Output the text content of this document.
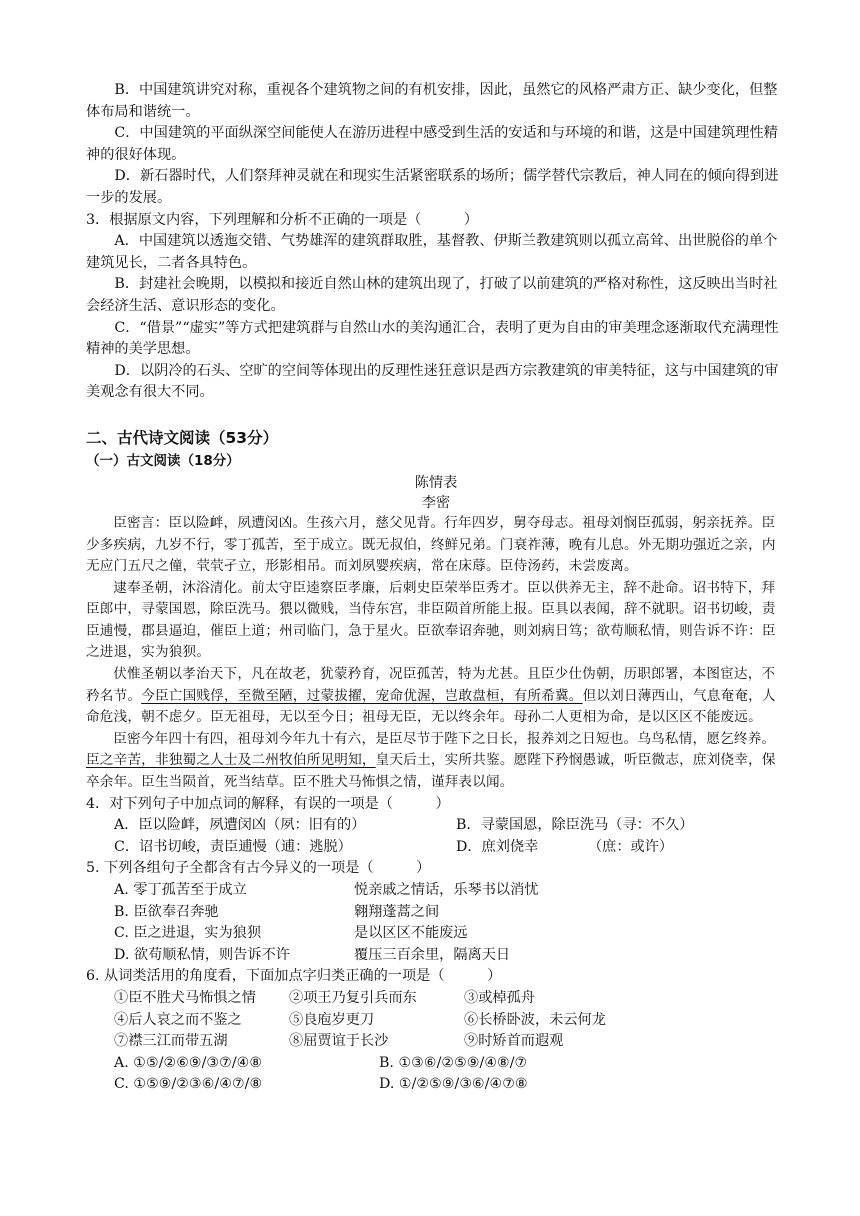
B．中国建筑讲究对称，重视各个建筑物之间的有机安排，因此，虽然它的风格严肃方正、缺少变化，但整体布局和谐统一。

C．中国建筑的平面纵深空间能使人在游历进程中感受到生活的安适和与环境的和谐，这是中国建筑理性精神的很好体现。

D．新石器时代，人们祭拜神灵就在和现实生活紧密联系的场所；儒学替代宗教后，神人同在的倾向得到进一步的发展。

3．根据原文内容，下列理解和分析不正确的一项是（　　　）

A．中国建筑以透迤交错、气势雄浑的建筑群取胜，基督教、伊斯兰教建筑则以孤立高耸、出世脱俗的单个建筑见长，二者各具特色。

B．封建社会晚期，以模拟和接近自然山林的建筑出现了，打破了以前建筑的严格对称性，这反映出当时社会经济生活、意识形态的变化。

C．“借景”“虚实”等方式把建筑群与自然山水的美沟通汇合，表明了更为自由的审美理念逐渐取代充满理性精神的美学思想。

D．以阴冷的石头、空旷的空间等体现出的反理性迷狂意识是西方宗教建筑的审美特征，这与中国建筑的审美观念有很大不同。

二、古代诗文阅读（53分）
（一）古文阅读（18分）

陈情表

李密

臣密言：臣以险衅，夙遭闵凶。生孩六月，慈父见背。行年四岁，舅夺母志。祖母刘悯臣孤弱，躬亲抚养。臣少多疾病，九岁不行，零丁孤苦，至于成立。既无叔伯，终鲜兄弟。门衰祚薄，晚有儿息。外无期功强近之亲，内无应门五尺之僮，茕茕孑立，形影相吊。而刘夙婴疾病，常在床蓐。臣侍汤药，未尝废离。

逮奉圣朝，沐浴清化。前太守臣逵察臣孝廉，后刺史臣荣举臣秀才。臣以供养无主，辞不赴命。诏书特下，拜臣郎中，寻蒙国恩，除臣洗马。猥以微贱，当侍东宫，非臣陨首所能上报。臣具以表闻，辞不就职。诏书切峻，责臣逋慢，郡县逼迫，催臣上道；州司临门，急于星火。臣欲奉诏奔驰，则刘病日笃；欲苟顺私情，则告诉不许：臣之进退，实为狼狈。

伏惟圣朝以孝治天下，凡在故老，犹蒙矜育，况臣孤苦，特为尤甚。且臣少仕伪朝，历职郎署，本图宦达，不矜名节。今臣亡国贱俘，至微至陋，过蒙拔擢，宠命优渥，岂敢盘桓，有所希冀。但以刘日薄西山，气息奄奄，人命危浅，朝不虑夕。臣无祖母，无以至今日；祖母无臣，无以终余年。母孙二人更相为命，是以区区不能废远。

臣密今年四十有四，祖母刘今年九十有六，是臣尽节于陛下之日长，报养刘之日短也。乌鸟私情，愿乞终养。臣之辛苦，非独蜀之人士及二州牧伯所见明知，皇天后土，实所共鉴。愿陛下矜悯愚诚，听臣微志，庶刘侥幸，保卒余年。臣生当陨首，死当结草。臣不胜犬马怖惧之情，谨拜表以闻。

4．对下列句子中加点词的解释，有误的一项是（　　　）

A．臣以险衅，夙遭闵凶（夙：旧有的）	B．寻蒙国恩，除臣洗马（寻：不久）
C．诏书切峻，责臣逋慢（逋：逃脱）	D．庶刘侥幸　　　　（庶：或许）

5. 下列各组句子全都含有古今异义的一项是（　　　）

A. 零丁孤苦至于成立	悦亲戚之情话，乐琴书以消忧
B. 臣欲奉召奔驰	翱翔蓬蒿之间
C. 臣之进退，实为狼狈	是以区区不能废远
D. 欲苟顺私情，则告诉不许	覆压三百余里，隔离天日

6. 从词类活用的角度看，下面加点字归类正确的一项是（　　　）

①臣不胜犬马怖惧之情	②项王乃复引兵而东	③或棹孤舟
④后人哀之而不鉴之	⑤良庖岁更刀	⑥长桥卧波，未云何龙
⑦襟三江而带五湖	⑧屈贾谊于长沙	⑨时矫首而遐观
A. ①⑤/②⑥⑨/③⑦/④⑧	B. ①③⑥/②⑤⑨/④⑧/⑦
C. ①⑤⑨/②③⑥/④⑦/⑧	D. ①/②⑤⑨/③⑥/④⑦⑧
